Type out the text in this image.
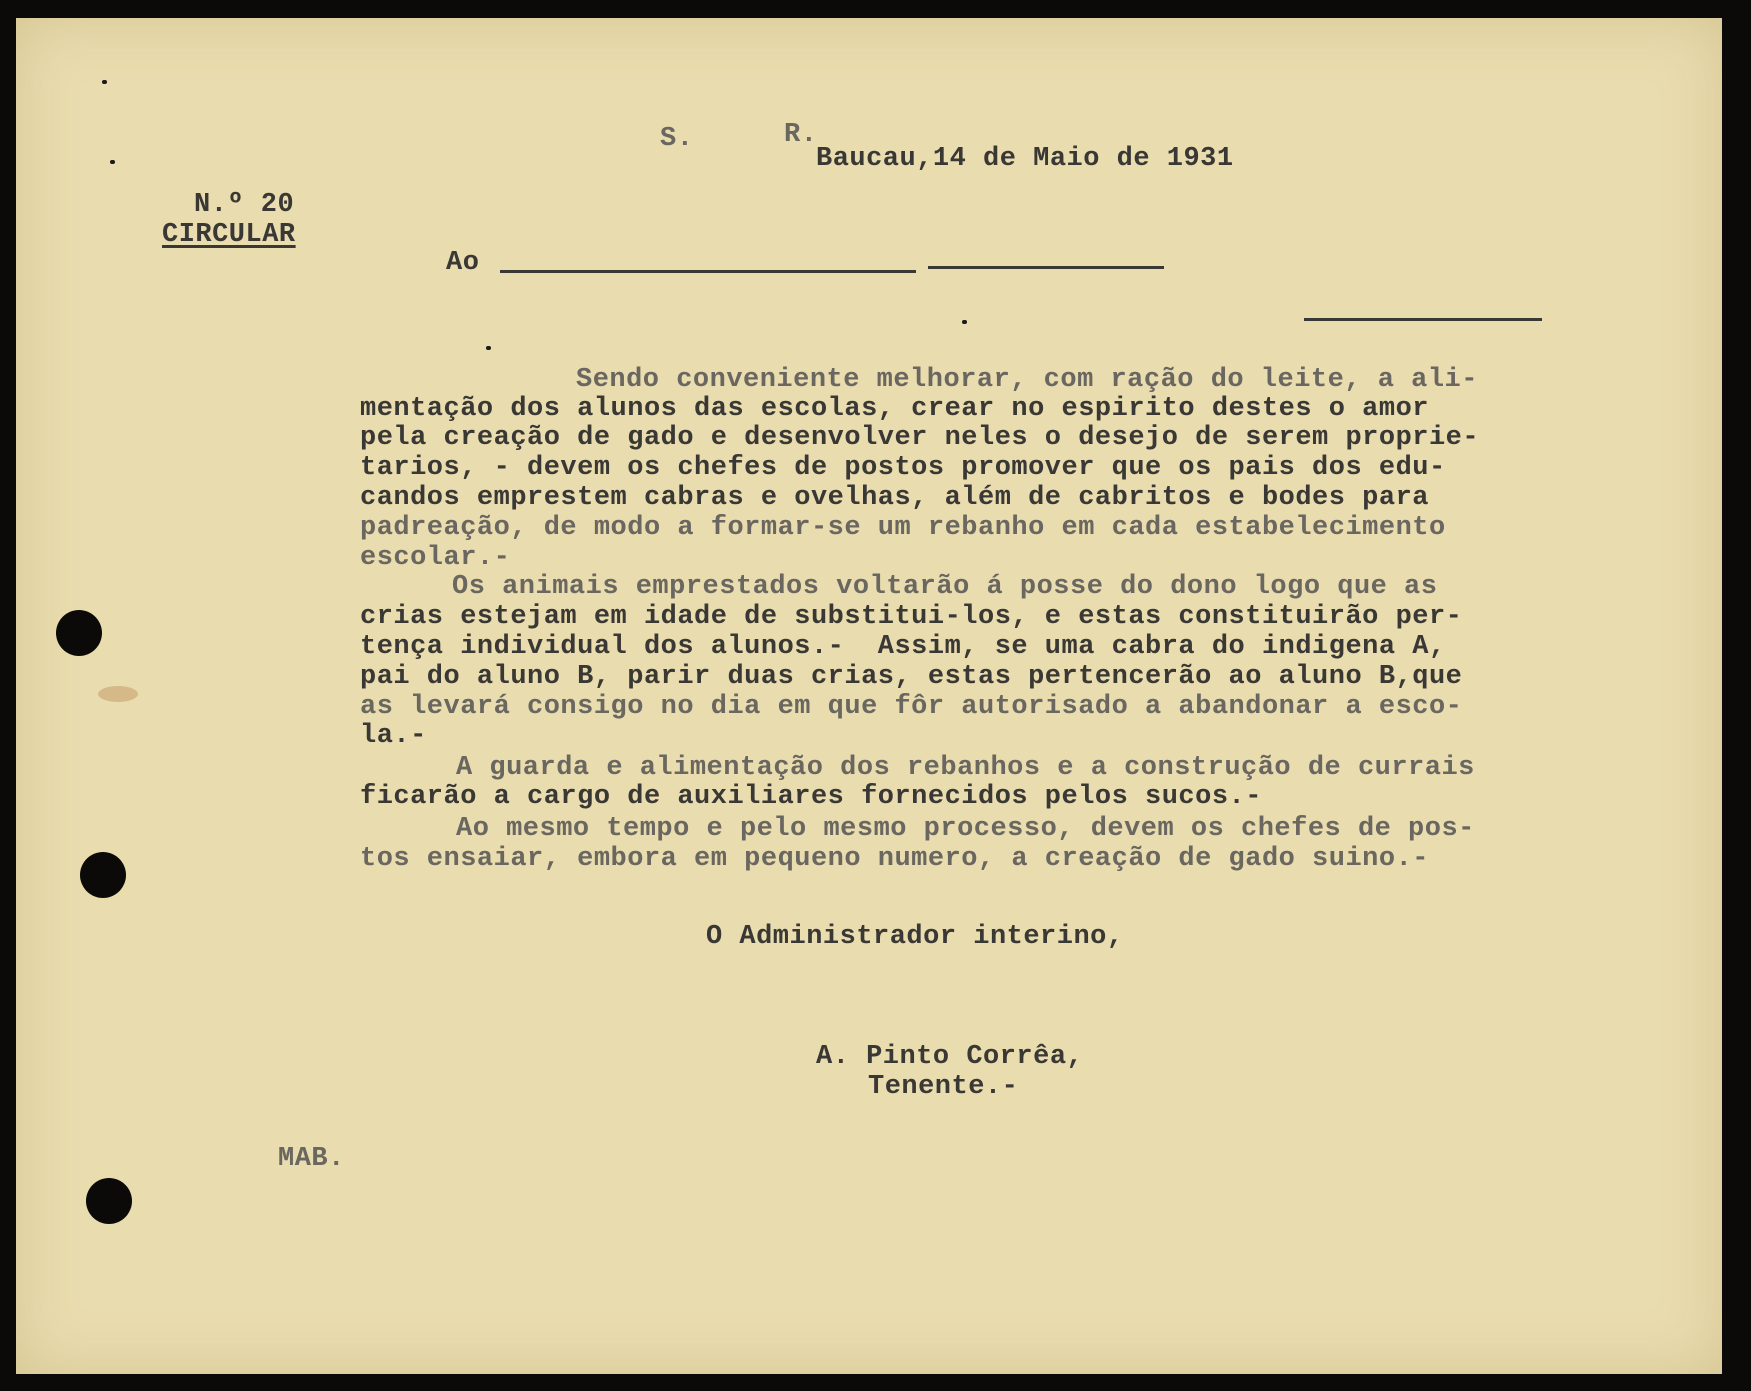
S.	R.

Baucau,14 de Maio de 1931

N.º 20

CIRCULAR

Ao

Sendo conveniente melhorar, com ração do leite, a ali-

mentação dos alunos das escolas, crear no espirito destes o amor

pela creação de gado e desenvolver neles o desejo de serem proprie-

tarios, - devem os chefes de postos promover que os pais dos edu-

candos emprestem cabras e ovelhas, além de cabritos e bodes para

padreação, de modo a formar-se um rebanho em cada estabelecimento

escolar.-

Os animais emprestados voltarão á posse do dono logo que as

crias estejam em idade de substitui-los, e estas constituirão per-

tença individual dos alunos.-  Assim, se uma cabra do indigena A,

pai do aluno B, parir duas crias, estas pertencerão ao aluno B,que

as levará consigo no dia em que fôr autorisado a abandonar a esco-

la.-

A guarda e alimentação dos rebanhos e a construção de currais

ficarão a cargo de auxiliares fornecidos pelos sucos.-

Ao mesmo tempo e pelo mesmo processo, devem os chefes de pos-

tos ensaiar, embora em pequeno numero, a creação de gado suino.-

O Administrador interino,

A. Pinto Corrêa,

Tenente.-

MAB.
